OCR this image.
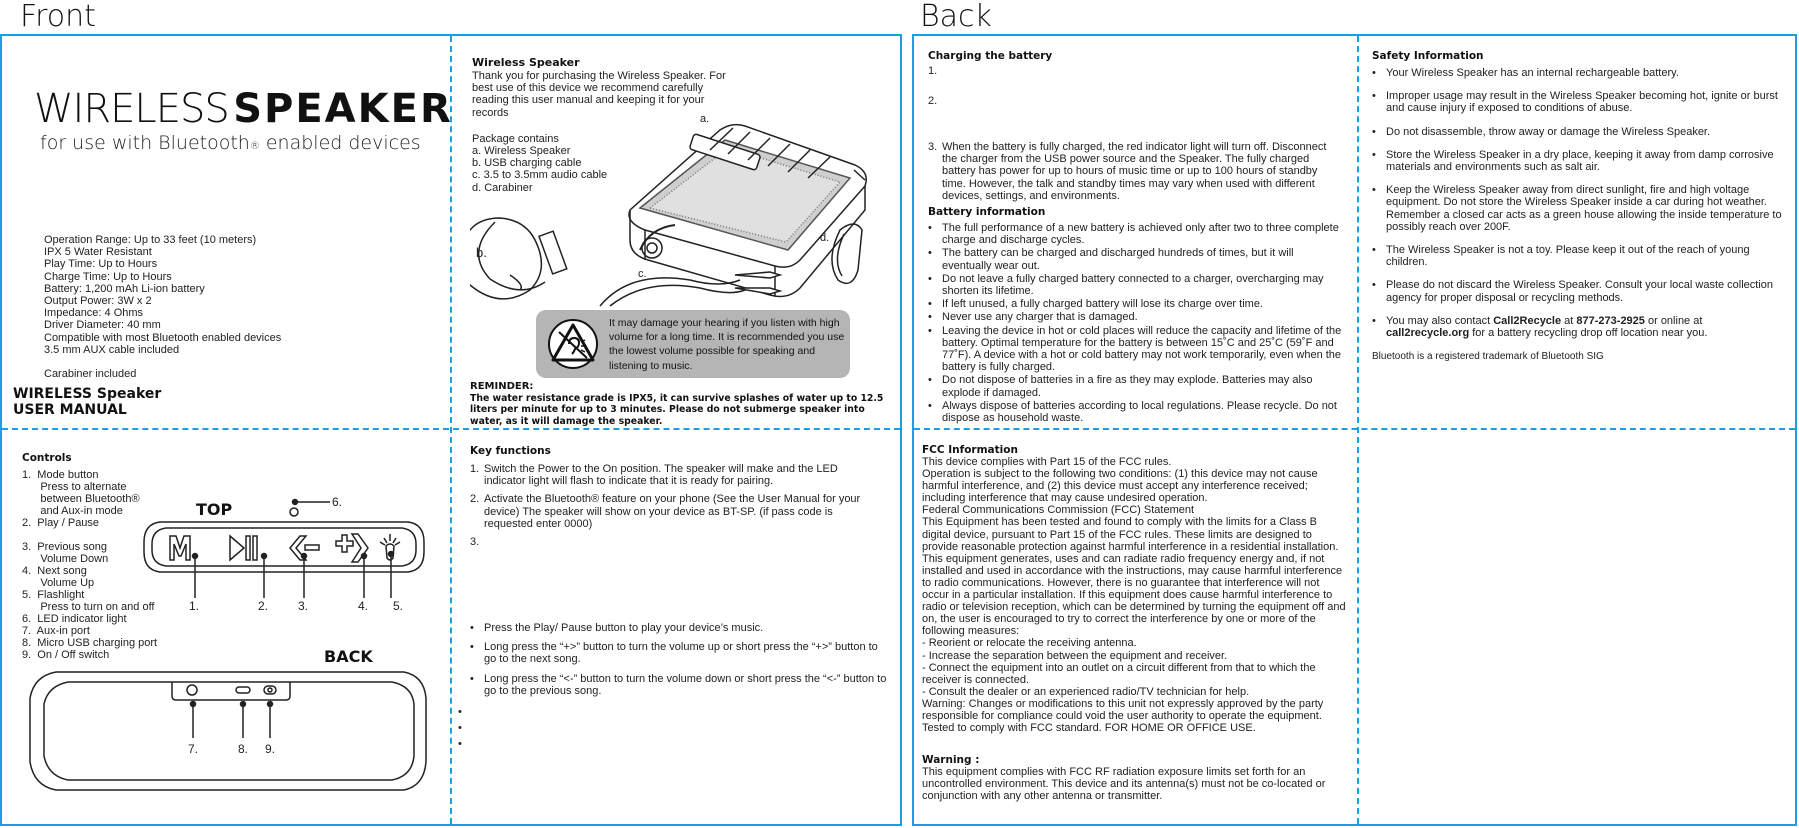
Front	Back
WIRELESS SPEAKER
for use with Bluetooth® enabled devices
Operation Range: Up to 33 feet (10 meters)
IPX 5 Water Resistant
Play Time: Up to Hours
Charge Time: Up to Hours
Battery: 1,200 mAh Li-ion battery
Output Power: 3W x 2
Impedance: 4 Ohms
Driver Diameter: 40 mm
Compatible with most Bluetooth enabled devices
3.5 mm AUX cable included
Carabiner included
WIRELESS Speaker
USER MANUAL
Wireless Speaker
Thank you for purchasing the Wireless Speaker. For best use of this device we recommend carefully reading this user manual and keeping it for your records
Package contains
a. Wireless Speaker
b. USB charging cable
c. 3.5 to 3.5mm audio cable
d. Carabiner
a.
b.
c.
d.
It may damage your hearing if you listen with high volume for a long time. It is recommended you use the lowest volume possible for speaking and listening to music.
REMINDER:
The water resistance grade is IPX5, it can survive splashes of water up to 12.5 liters per minute for up to 3 minutes. Please do not submerge speaker into water, as it will damage the speaker.
Controls
1.  Mode button
Press to alternate
between Bluetooth®
and Aux-in mode
2.  Play / Pause
3.  Previous song
Volume Down
4.  Next song
Volume Up
5.  Flashlight
Press to turn on and off
6.  LED indicator light
7.  Aux-in port
8.  Micro USB charging port
9.  On / Off switch
TOP
BACK
1.	2. 3.	4. 5.
6.
7.	8. 9.
Key functions
1. Switch the Power to the On position. The speaker will make and the LED indicator light will flash to indicate that it is ready for pairing.
2. Activate the Bluetooth® feature on your phone (See the User Manual for your device) The speaker will show on your device as BT-SP. (if pass code is requested enter 0000)
3.
• Press the Play/ Pause button to play your device’s music.
• Long press the “+>” button to turn the volume up or short press the “+>” button to go to the next song.
• Long press the “<-” button to turn the volume down or short press the “<-” button to go to the previous song.
•
•
•
Charging the battery
1.
2.
3. When the battery is fully charged, the red indicator light will turn off. Disconnect the charger from the USB power source and the Speaker. The fully charged battery has power for up to hours of music time or up to 100 hours of standby time. However, the talk and standby times may vary when used with different devices, settings, and environments.
Battery information
• The full performance of a new battery is achieved only after two to three complete charge and discharge cycles.
• The battery can be charged and discharged hundreds of times, but it will eventually wear out.
• Do not leave a fully charged battery connected to a charger, overcharging may shorten its lifetime.
• If left unused, a fully charged battery will lose its charge over time.
• Never use any charger that is damaged.
• Leaving the device in hot or cold places will reduce the capacity and lifetime of the battery. Optimal temperature for the battery is between 15˚C and 25˚C (59˚F and 77˚F). A device with a hot or cold battery may not work temporarily, even when the battery is fully charged.
• Do not dispose of batteries in a fire as they may explode. Batteries may also explode if damaged.
• Always dispose of batteries according to local regulations. Please recycle. Do not dispose as household waste.
Safety Information
• Your Wireless Speaker has an internal rechargeable battery.
• Improper usage may result in the Wireless Speaker becoming hot, ignite or burst and cause injury if exposed to conditions of abuse.
• Do not disassemble, throw away or damage the Wireless Speaker.
• Store the Wireless Speaker in a dry place, keeping it away from damp corrosive materials and environments such as salt air.
• Keep the Wireless Speaker away from direct sunlight, fire and high voltage equipment. Do not store the Wireless Speaker inside a car during hot weather. Remember a closed car acts as a green house allowing the inside temperature to possibly reach over 200F.
• The Wireless Speaker is not a toy. Please keep it out of the reach of young children.
• Please do not discard the Wireless Speaker. Consult your local waste collection agency for proper disposal or recycling methods.
• You may also contact Call2Recycle at 877-273-2925 or online at call2recycle.org for a battery recycling drop off location near you.
Bluetooth is a registered trademark of Bluetooth SIG
FCC Information
This device complies with Part 15 of the FCC rules.
Operation is subject to the following two conditions: (1) this device may not cause harmful interference, and (2) this device must accept any interference received; including interference that may cause undesired operation.
Federal Communications Commission (FCC) Statement
This Equipment has been tested and found to comply with the limits for a Class B digital device, pursuant to Part 15 of the FCC rules. These limits are designed to provide reasonable protection against harmful interference in a residential installation. This equipment generates, uses and can radiate radio frequency energy and, if not installed and used in accordance with the instructions, may cause harmful interference to radio communications. However, there is no guarantee that interference will not occur in a particular installation. If this equipment does cause harmful interference to radio or television reception, which can be determined by turning the equipment off and on, the user is encouraged to try to correct the interference by one or more of the following measures:
- Reorient or relocate the receiving antenna.
- Increase the separation between the equipment and receiver.
- Connect the equipment into an outlet on a circuit different from that to which the receiver is connected.
- Consult the dealer or an experienced radio/TV technician for help.
Warning: Changes or modifications to this unit not expressly approved by the party responsible for compliance could void the user authority to operate the equipment. Tested to comply with FCC standard. FOR HOME OR OFFICE USE.
Warning :
This equipment complies with FCC RF radiation exposure limits set forth for an uncontrolled environment. This device and its antenna(s) must not be co-located or conjunction with any other antenna or transmitter.
